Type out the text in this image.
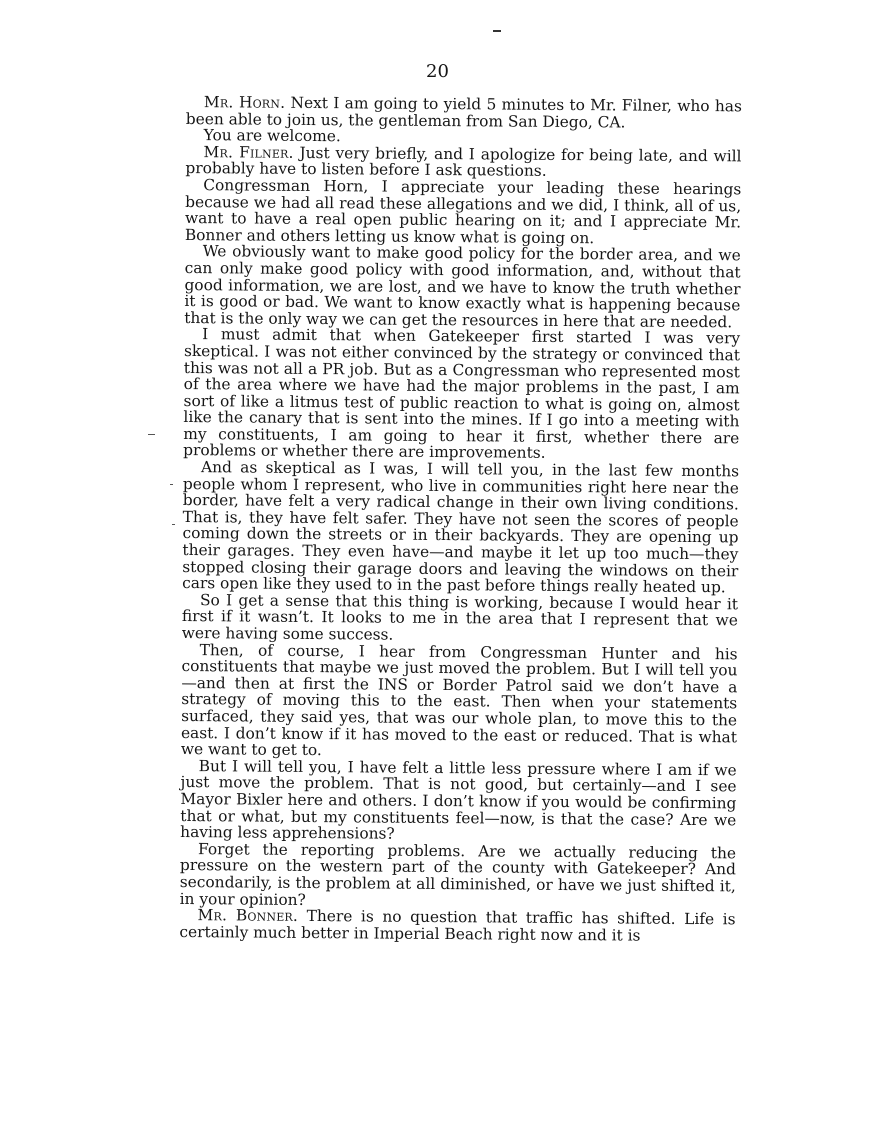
20

Mr. Horn. Next I am going to yield 5 minutes to Mr. Filner, who has been able to join us, the gentleman from San Diego, CA.

You are welcome.

Mr. Filner. Just very briefly, and I apologize for being late, and will probably have to listen before I ask questions.

Congressman Horn, I appreciate your leading these hearings because we had all read these allegations and we did, I think, all of us, want to have a real open public hearing on it; and I appreciate Mr. Bonner and others letting us know what is going on.

We obviously want to make good policy for the border area, and we can only make good policy with good information, and, without that good information, we are lost, and we have to know the truth whether it is good or bad. We want to know exactly what is happening because that is the only way we can get the resources in here that are needed.

I must admit that when Gatekeeper first started I was very skeptical. I was not either convinced by the strategy or convinced that this was not all a PR job. But as a Congressman who represented most of the area where we have had the major problems in the past, I am sort of like a litmus test of public reaction to what is going on, almost like the canary that is sent into the mines. If I go into a meeting with my constituents, I am going to hear it first, whether there are problems or whether there are improvements.

And as skeptical as I was, I will tell you, in the last few months people whom I represent, who live in communities right here near the border, have felt a very radical change in their own living conditions. That is, they have felt safer. They have not seen the scores of people coming down the streets or in their backyards. They are opening up their garages. They even have—and maybe it let up too much—they stopped closing their garage doors and leaving the windows on their cars open like they used to in the past before things really heated up.

So I get a sense that this thing is working, because I would hear it first if it wasn’t. It looks to me in the area that I represent that we were having some success.

Then, of course, I hear from Congressman Hunter and his constituents that maybe we just moved the problem. But I will tell you—and then at first the INS or Border Patrol said we don’t have a strategy of moving this to the east. Then when your statements surfaced, they said yes, that was our whole plan, to move this to the east. I don’t know if it has moved to the east or reduced. That is what we want to get to.

But I will tell you, I have felt a little less pressure where I am if we just move the problem. That is not good, but certainly—and I see Mayor Bixler here and others. I don’t know if you would be confirming that or what, but my constituents feel—now, is that the case? Are we having less apprehensions?

Forget the reporting problems. Are we actually reducing the pressure on the western part of the county with Gatekeeper? And secondarily, is the problem at all diminished, or have we just shifted it, in your opinion?

Mr. Bonner. There is no question that traffic has shifted. Life is certainly much better in Imperial Beach right now and it is
